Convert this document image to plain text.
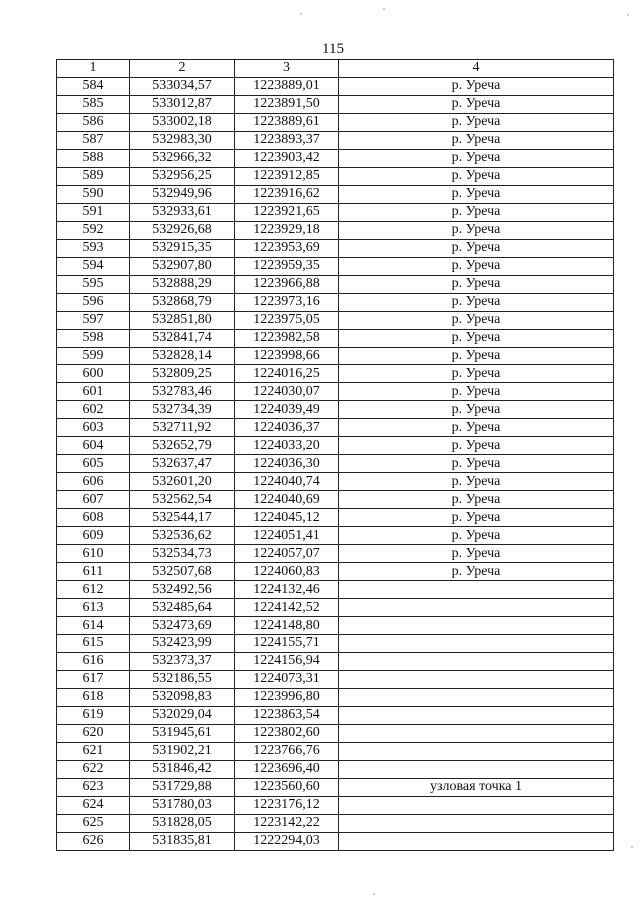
115
1	2	3	4
584	533034,57	1223889,01	р. Уреча
585	533012,87	1223891,50	р. Уреча
586	533002,18	1223889,61	р. Уреча
587	532983,30	1223893,37	р. Уреча
588	532966,32	1223903,42	р. Уреча
589	532956,25	1223912,85	р. Уреча
590	532949,96	1223916,62	р. Уреча
591	532933,61	1223921,65	р. Уреча
592	532926,68	1223929,18	р. Уреча
593	532915,35	1223953,69	р. Уреча
594	532907,80	1223959,35	р. Уреча
595	532888,29	1223966,88	р. Уреча
596	532868,79	1223973,16	р. Уреча
597	532851,80	1223975,05	р. Уреча
598	532841,74	1223982,58	р. Уреча
599	532828,14	1223998,66	р. Уреча
600	532809,25	1224016,25	р. Уреча
601	532783,46	1224030,07	р. Уреча
602	532734,39	1224039,49	р. Уреча
603	532711,92	1224036,37	р. Уреча
604	532652,79	1224033,20	р. Уреча
605	532637,47	1224036,30	р. Уреча
606	532601,20	1224040,74	р. Уреча
607	532562,54	1224040,69	р. Уреча
608	532544,17	1224045,12	р. Уреча
609	532536,62	1224051,41	р. Уреча
610	532534,73	1224057,07	р. Уреча
611	532507,68	1224060,83	р. Уреча
612	532492,56	1224132,46	
613	532485,64	1224142,52	
614	532473,69	1224148,80	
615	532423,99	1224155,71	
616	532373,37	1224156,94	
617	532186,55	1224073,31	
618	532098,83	1223996,80	
619	532029,04	1223863,54	
620	531945,61	1223802,60	
621	531902,21	1223766,76	
622	531846,42	1223696,40	
623	531729,88	1223560,60	узловая точка 1
624	531780,03	1223176,12	
625	531828,05	1223142,22	
626	531835,81	1222294,03	
